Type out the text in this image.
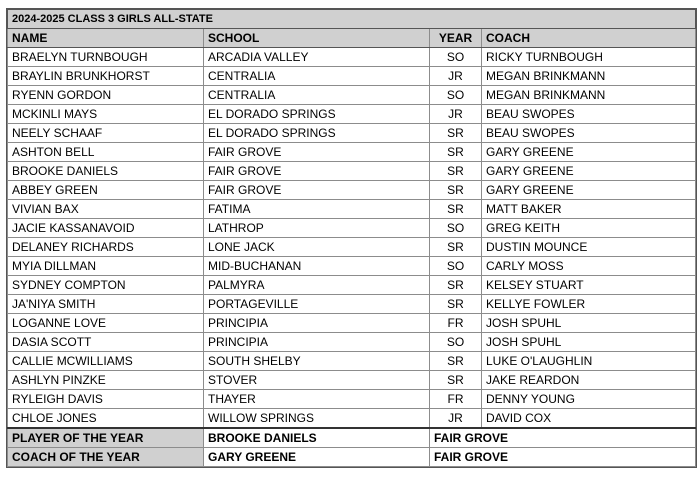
2024-2025 CLASS 3 GIRLS ALL-STATE			
NAME	SCHOOL	YEAR	COACH
BRAELYN TURNBOUGH	ARCADIA VALLEY	SO	RICKY TURNBOUGH
BRAYLIN BRUNKHORST	CENTRALIA	JR	MEGAN BRINKMANN
RYENN GORDON	CENTRALIA	SO	MEGAN BRINKMANN
MCKINLI MAYS	EL DORADO SPRINGS	JR	BEAU SWOPES
NEELY SCHAAF	EL DORADO SPRINGS	SR	BEAU SWOPES
ASHTON BELL	FAIR GROVE	SR	GARY GREENE
BROOKE DANIELS	FAIR GROVE	SR	GARY GREENE
ABBEY GREEN	FAIR GROVE	SR	GARY GREENE
VIVIAN BAX	FATIMA	SR	MATT BAKER
JACIE KASSANAVOID	LATHROP	SO	GREG KEITH
DELANEY RICHARDS	LONE JACK	SR	DUSTIN MOUNCE
MYIA DILLMAN	MID-BUCHANAN	SO	CARLY MOSS
SYDNEY COMPTON	PALMYRA	SR	KELSEY STUART
JA'NIYA SMITH	PORTAGEVILLE	SR	KELLYE FOWLER
LOGANNE LOVE	PRINCIPIA	FR	JOSH SPUHL
DASIA SCOTT	PRINCIPIA	SO	JOSH SPUHL
CALLIE MCWILLIAMS	SOUTH SHELBY	SR	LUKE O'LAUGHLIN
ASHLYN PINZKE	STOVER	SR	JAKE REARDON
RYLEIGH DAVIS	THAYER	FR	DENNY YOUNG
CHLOE JONES	WILLOW SPRINGS	JR	DAVID COX
PLAYER OF THE YEAR	BROOKE DANIELS	FAIR GROVE	
COACH OF THE YEAR	GARY GREENE	FAIR GROVE	
